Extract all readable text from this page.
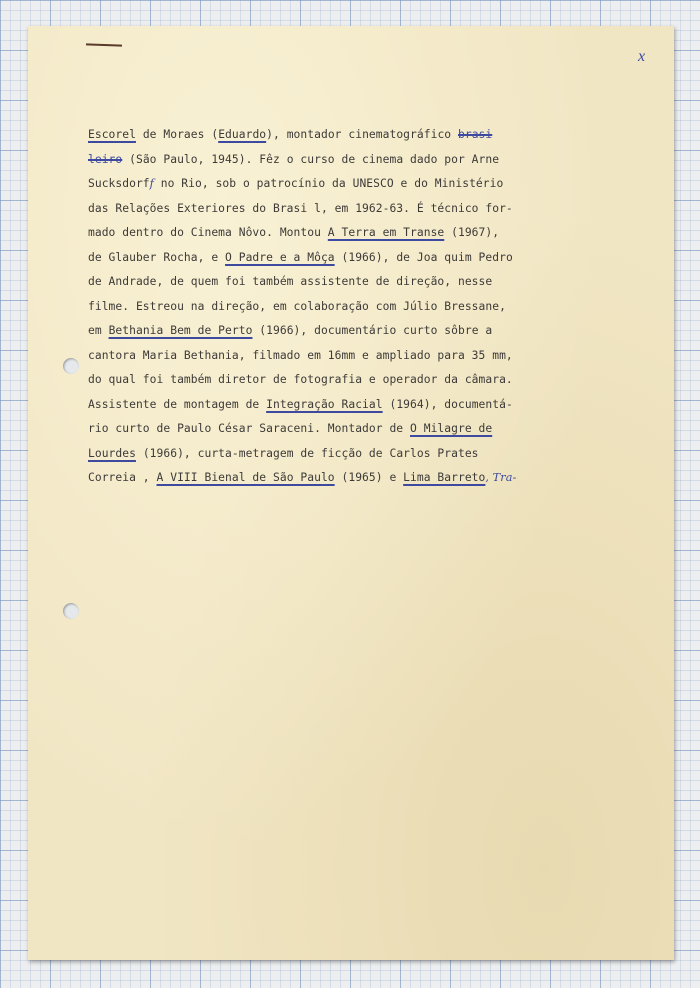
x
Escorel de Moraes (Eduardo), montador cinematográfico brasi
leiro (São Paulo, 1945). Fêz o curso de cinema dado por Arne
Sucksdorff no Rio, sob o patrocínio da UNESCO e do Ministério
das Relações Exteriores do Brasi l, em 1962-63. É técnico for-
mado dentro do Cinema Nôvo. Montou A Terra em Transe (1967),
de Glauber Rocha, e O Padre e a Môça (1966), de Joa quim Pedro
de Andrade, de quem foi também assistente de direção, nesse
filme. Estreou na direção, em colaboração com Júlio Bressane,
em Bethania Bem de Perto (1966), documentário curto sôbre a
cantora Maria Bethania, filmado em 16mm e ampliado para 35 mm,
do qual foi também diretor de fotografia e operador da câmara.
Assistente de montagem de Integração Racial (1964), documentá-
rio curto de Paulo César Saraceni. Montador de O Milagre de
Lourdes (1966), curta-metragem de ficção de Carlos Prates
Correia , A VIII Bienal de São Paulo (1965) e Lima Barreto, Tra-
